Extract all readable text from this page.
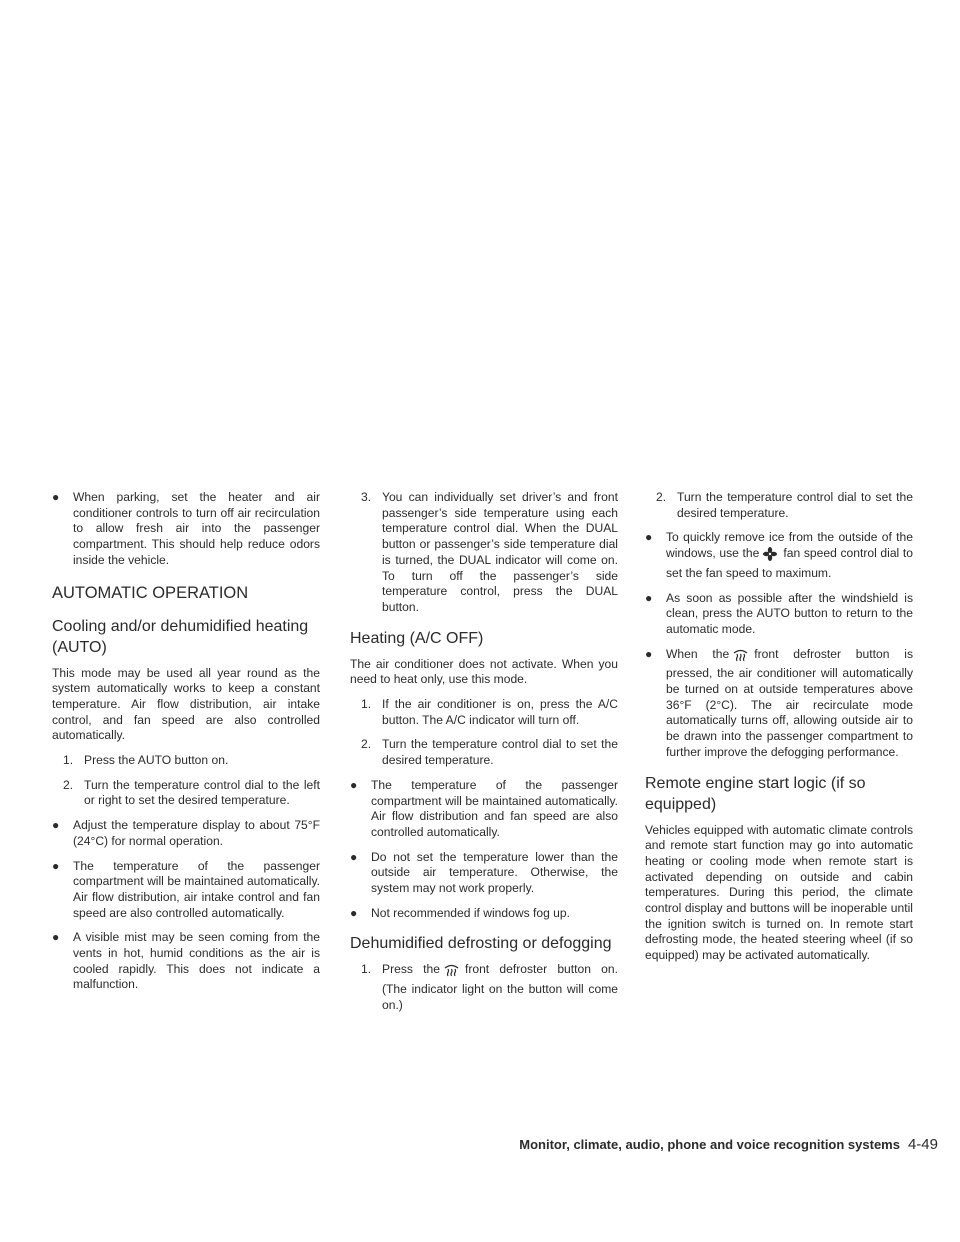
●	When parking, set the heater and air conditioner controls to turn off air recirculation to allow fresh air into the passenger compartment. This should help reduce odors inside the vehicle.
AUTOMATIC OPERATION
Cooling and/or dehumidified heating (AUTO)

This mode may be used all year round as the system automatically works to keep a constant temperature. Air flow distribution, air intake control, and fan speed are also controlled automatically.

1. Press the AUTO button on.
2. Turn the temperature control dial to the left or right to set the desired temperature.
●	Adjust the temperature display to about 75°F (24°C) for normal operation.
●	The temperature of the passenger compartment will be maintained automatically. Air flow distribution, air intake control and fan speed are also controlled automatically.
●	A visible mist may be seen coming from the vents in hot, humid conditions as the air is cooled rapidly. This does not indicate a malfunction.
3. You can individually set driver’s and front passenger’s side temperature using each temperature control dial. When the DUAL button or passenger’s side temperature dial is turned, the DUAL indicator will come on. To turn off the passenger’s side temperature control, press the DUAL button.
Heating (A/C OFF)

The air conditioner does not activate. When you need to heat only, use this mode.

1. If the air conditioner is on, press the A/C button. The A/C indicator will turn off.
2. Turn the temperature control dial to set the desired temperature.
●	The temperature of the passenger compartment will be maintained automatically. Air flow distribution and fan speed are also controlled automatically.
●	Do not set the temperature lower than the outside air temperature. Otherwise, the system may not work properly.
●	Not recommended if windows fog up.
Dehumidified defrosting or defogging
1. Press the front defroster button on. (The indicator light on the button will come on.)
2. Turn the temperature control dial to set the desired temperature.
●	To quickly remove ice from the outside of the windows, use the fan speed control dial to set the fan speed to maximum.
●	As soon as possible after the windshield is clean, press the AUTO button to return to the automatic mode.
●	When the front defroster button is pressed, the air conditioner will automatically be turned on at outside temperatures above 36°F (2°C). The air recirculate mode automatically turns off, allowing outside air to be drawn into the passenger compartment to further improve the defogging performance.
Remote engine start logic (if so equipped)

Vehicles equipped with automatic climate controls and remote start function may go into automatic heating or cooling mode when remote start is activated depending on outside and cabin temperatures. During this period, the climate control display and buttons will be inoperable until the ignition switch is turned on. In remote start defrosting mode, the heated steering wheel (if so equipped) may be activated automatically.

Monitor, climate, audio, phone and voice recognition systems 4-49
